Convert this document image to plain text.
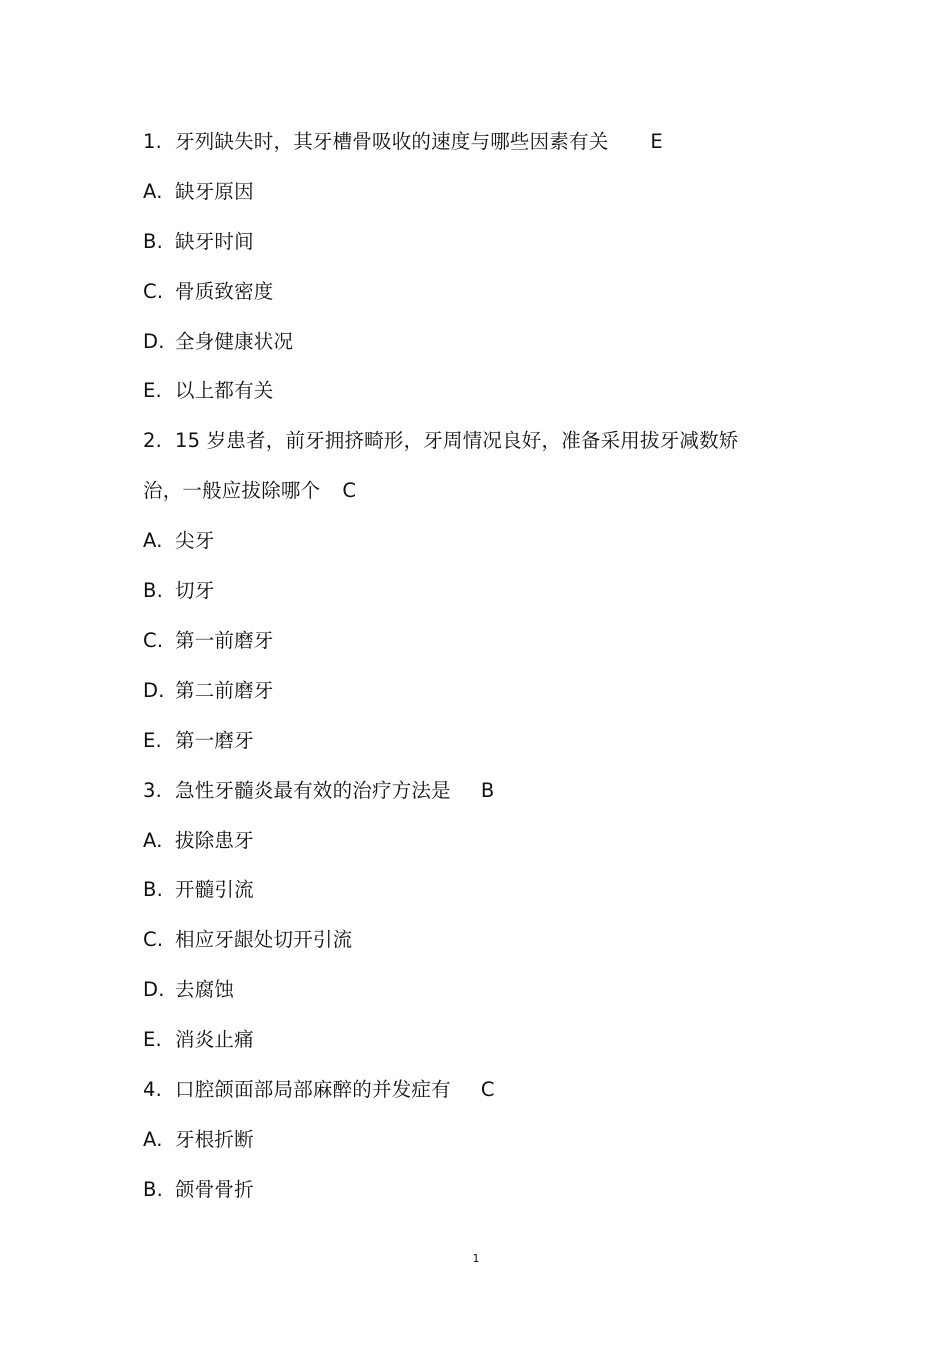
1. 牙列缺失时，其牙槽骨吸收的速度与哪些因素有关 E
A. 缺牙原因
B. 缺牙时间
C. 骨质致密度
D. 全身健康状况
E. 以上都有关
2. 15 岁患者，前牙拥挤畸形，牙周情况良好，准备采用拔牙减数矫
治，一般应拔除哪个 C
A. 尖牙
B. 切牙
C. 第一前磨牙
D. 第二前磨牙
E. 第一磨牙
3. 急性牙髓炎最有效的治疗方法是 B
A. 拔除患牙
B. 开髓引流
C. 相应牙龈处切开引流
D. 去腐蚀
E. 消炎止痛
4. 口腔颌面部局部麻醉的并发症有 C
A. 牙根折断
B. 颌骨骨折
1
